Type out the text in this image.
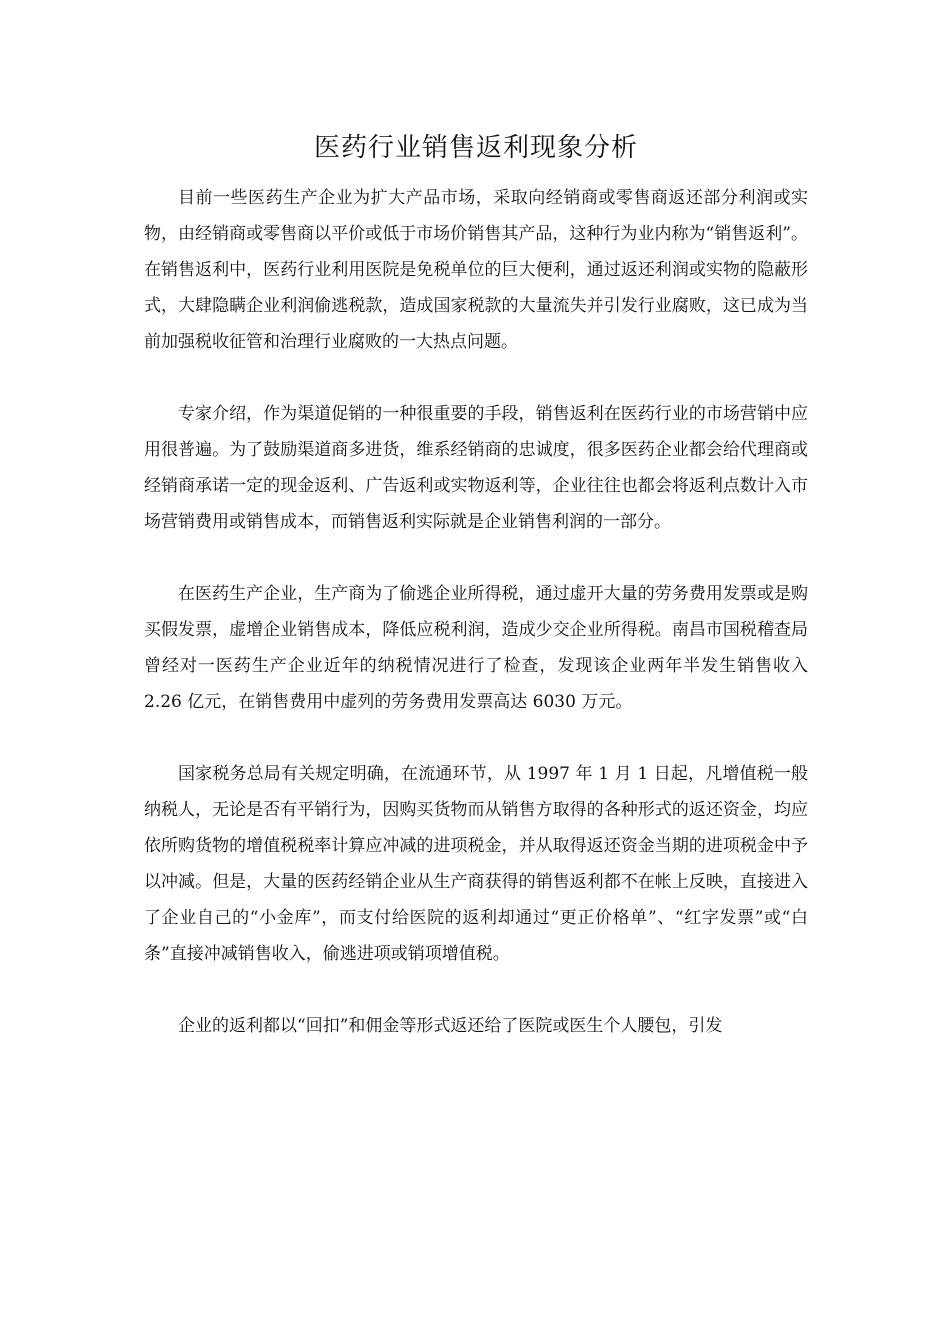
医药行业销售返利现象分析

目前一些医药生产企业为扩大产品市场，采取向经销商或零售商返还部分利润或实物，由经销商或零售商以平价或低于市场价销售其产品，这种行为业内称为“销售返利”。在销售返利中，医药行业利用医院是免税单位的巨大便利，通过返还利润或实物的隐蔽形式，大肆隐瞒企业利润偷逃税款，造成国家税款的大量流失并引发行业腐败，这已成为当前加强税收征管和治理行业腐败的一大热点问题。

专家介绍，作为渠道促销的一种很重要的手段，销售返利在医药行业的市场营销中应用很普遍。为了鼓励渠道商多进货，维系经销商的忠诚度，很多医药企业都会给代理商或经销商承诺一定的现金返利、广告返利或实物返利等，企业往往也都会将返利点数计入市场营销费用或销售成本，而销售返利实际就是企业销售利润的一部分。

在医药生产企业，生产商为了偷逃企业所得税，通过虚开大量的劳务费用发票或是购买假发票，虚增企业销售成本，降低应税利润，造成少交企业所得税。南昌市国税稽查局曾经对一医药生产企业近年的纳税情况进行了检查，发现该企业两年半发生销售收入 2.26 亿元，在销售费用中虚列的劳务费用发票高达 6030 万元。

国家税务总局有关规定明确，在流通环节，从 1997 年 1 月 1 日起，凡增值税一般纳税人，无论是否有平销行为，因购买货物而从销售方取得的各种形式的返还资金，均应依所购货物的增值税税率计算应冲减的进项税金，并从取得返还资金当期的进项税金中予以冲减。但是，大量的医药经销企业从生产商获得的销售返利都不在帐上反映，直接进入了企业自己的“小金库”，而支付给医院的返利却通过“更正价格单”、“红字发票”或“白条”直接冲减销售收入，偷逃进项或销项增值税。

企业的返利都以“回扣”和佣金等形式返还给了医院或医生个人腰包，引发
